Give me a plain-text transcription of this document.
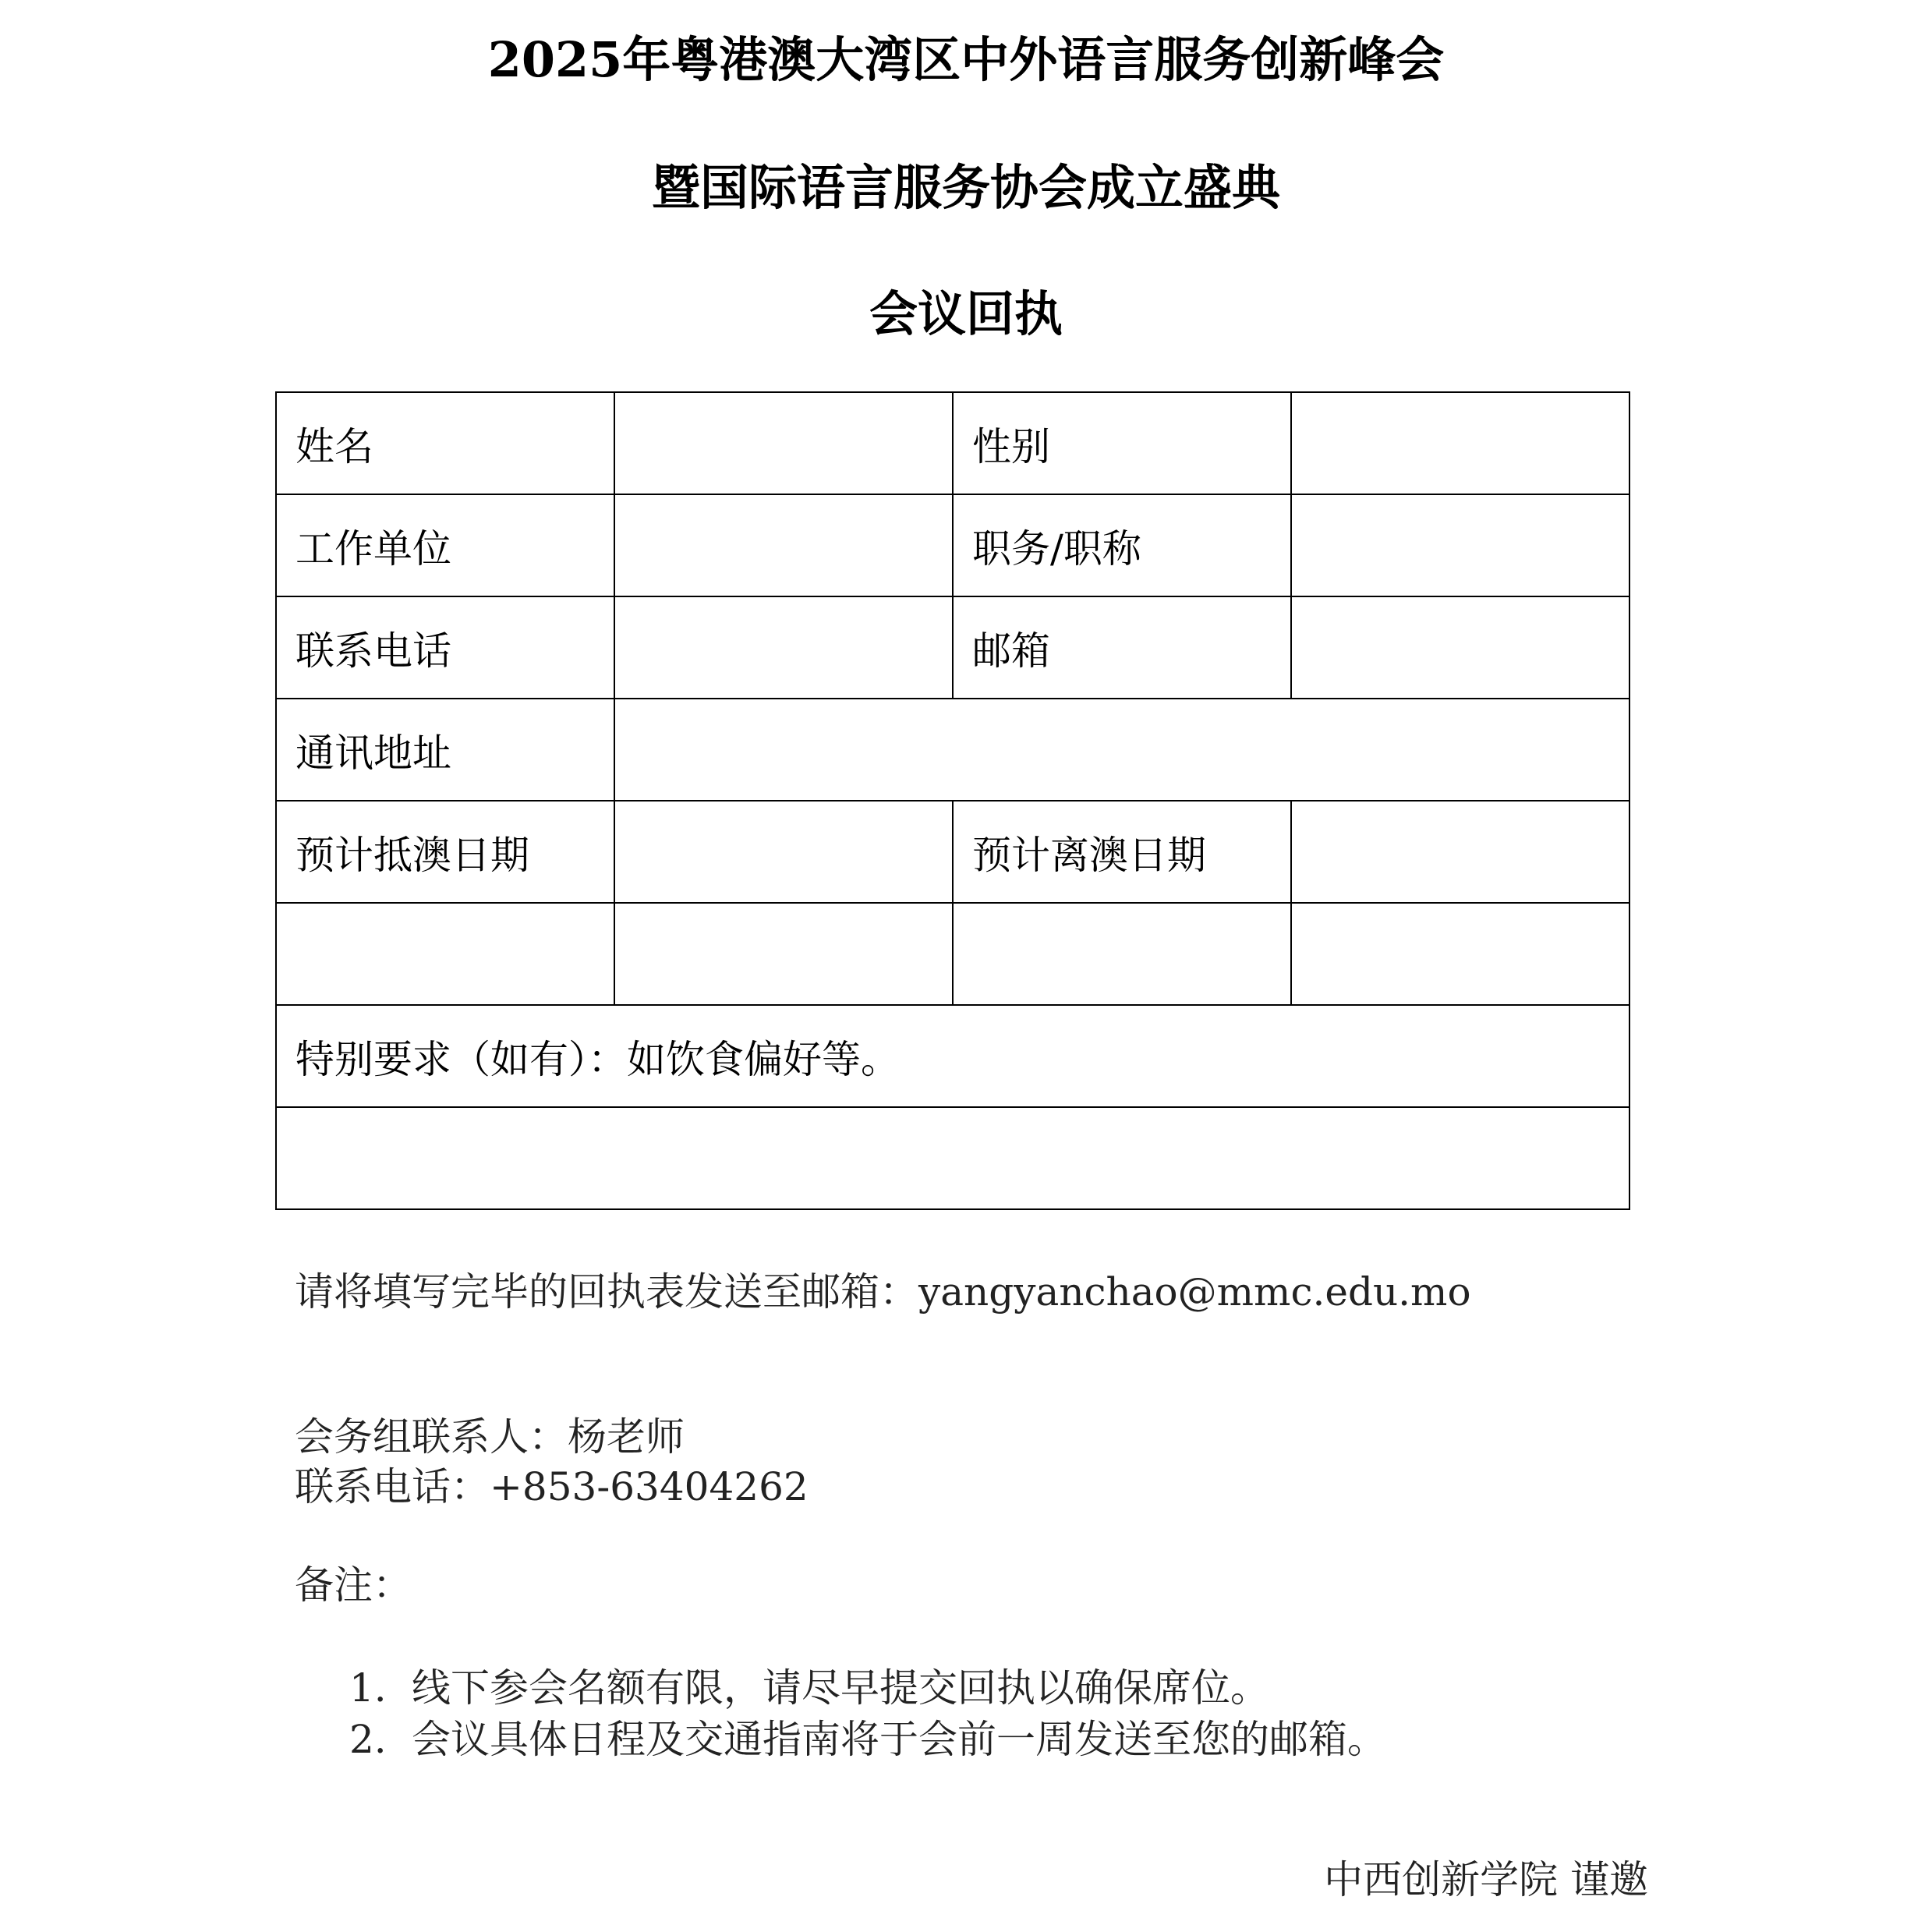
2025年粤港澳大湾区中外语言服务创新峰会
暨国际语言服务协会成立盛典
会议回执
姓名		性别	
工作单位		职务/职称	
联系电话		邮箱	
通讯地址			
预计抵澳日期		预计离澳日期	

特别要求（如有）：如饮食偏好等。			

请将填写完毕的回执表发送至邮箱：yangyanchao@mmc.edu.mo
会务组联系人：杨老师
联系电话：+853-63404262
备注：
1. 线下参会名额有限，请尽早提交回执以确保席位。
2. 会议具体日程及交通指南将于会前一周发送至您的邮箱。
中西创新学院 谨邀
